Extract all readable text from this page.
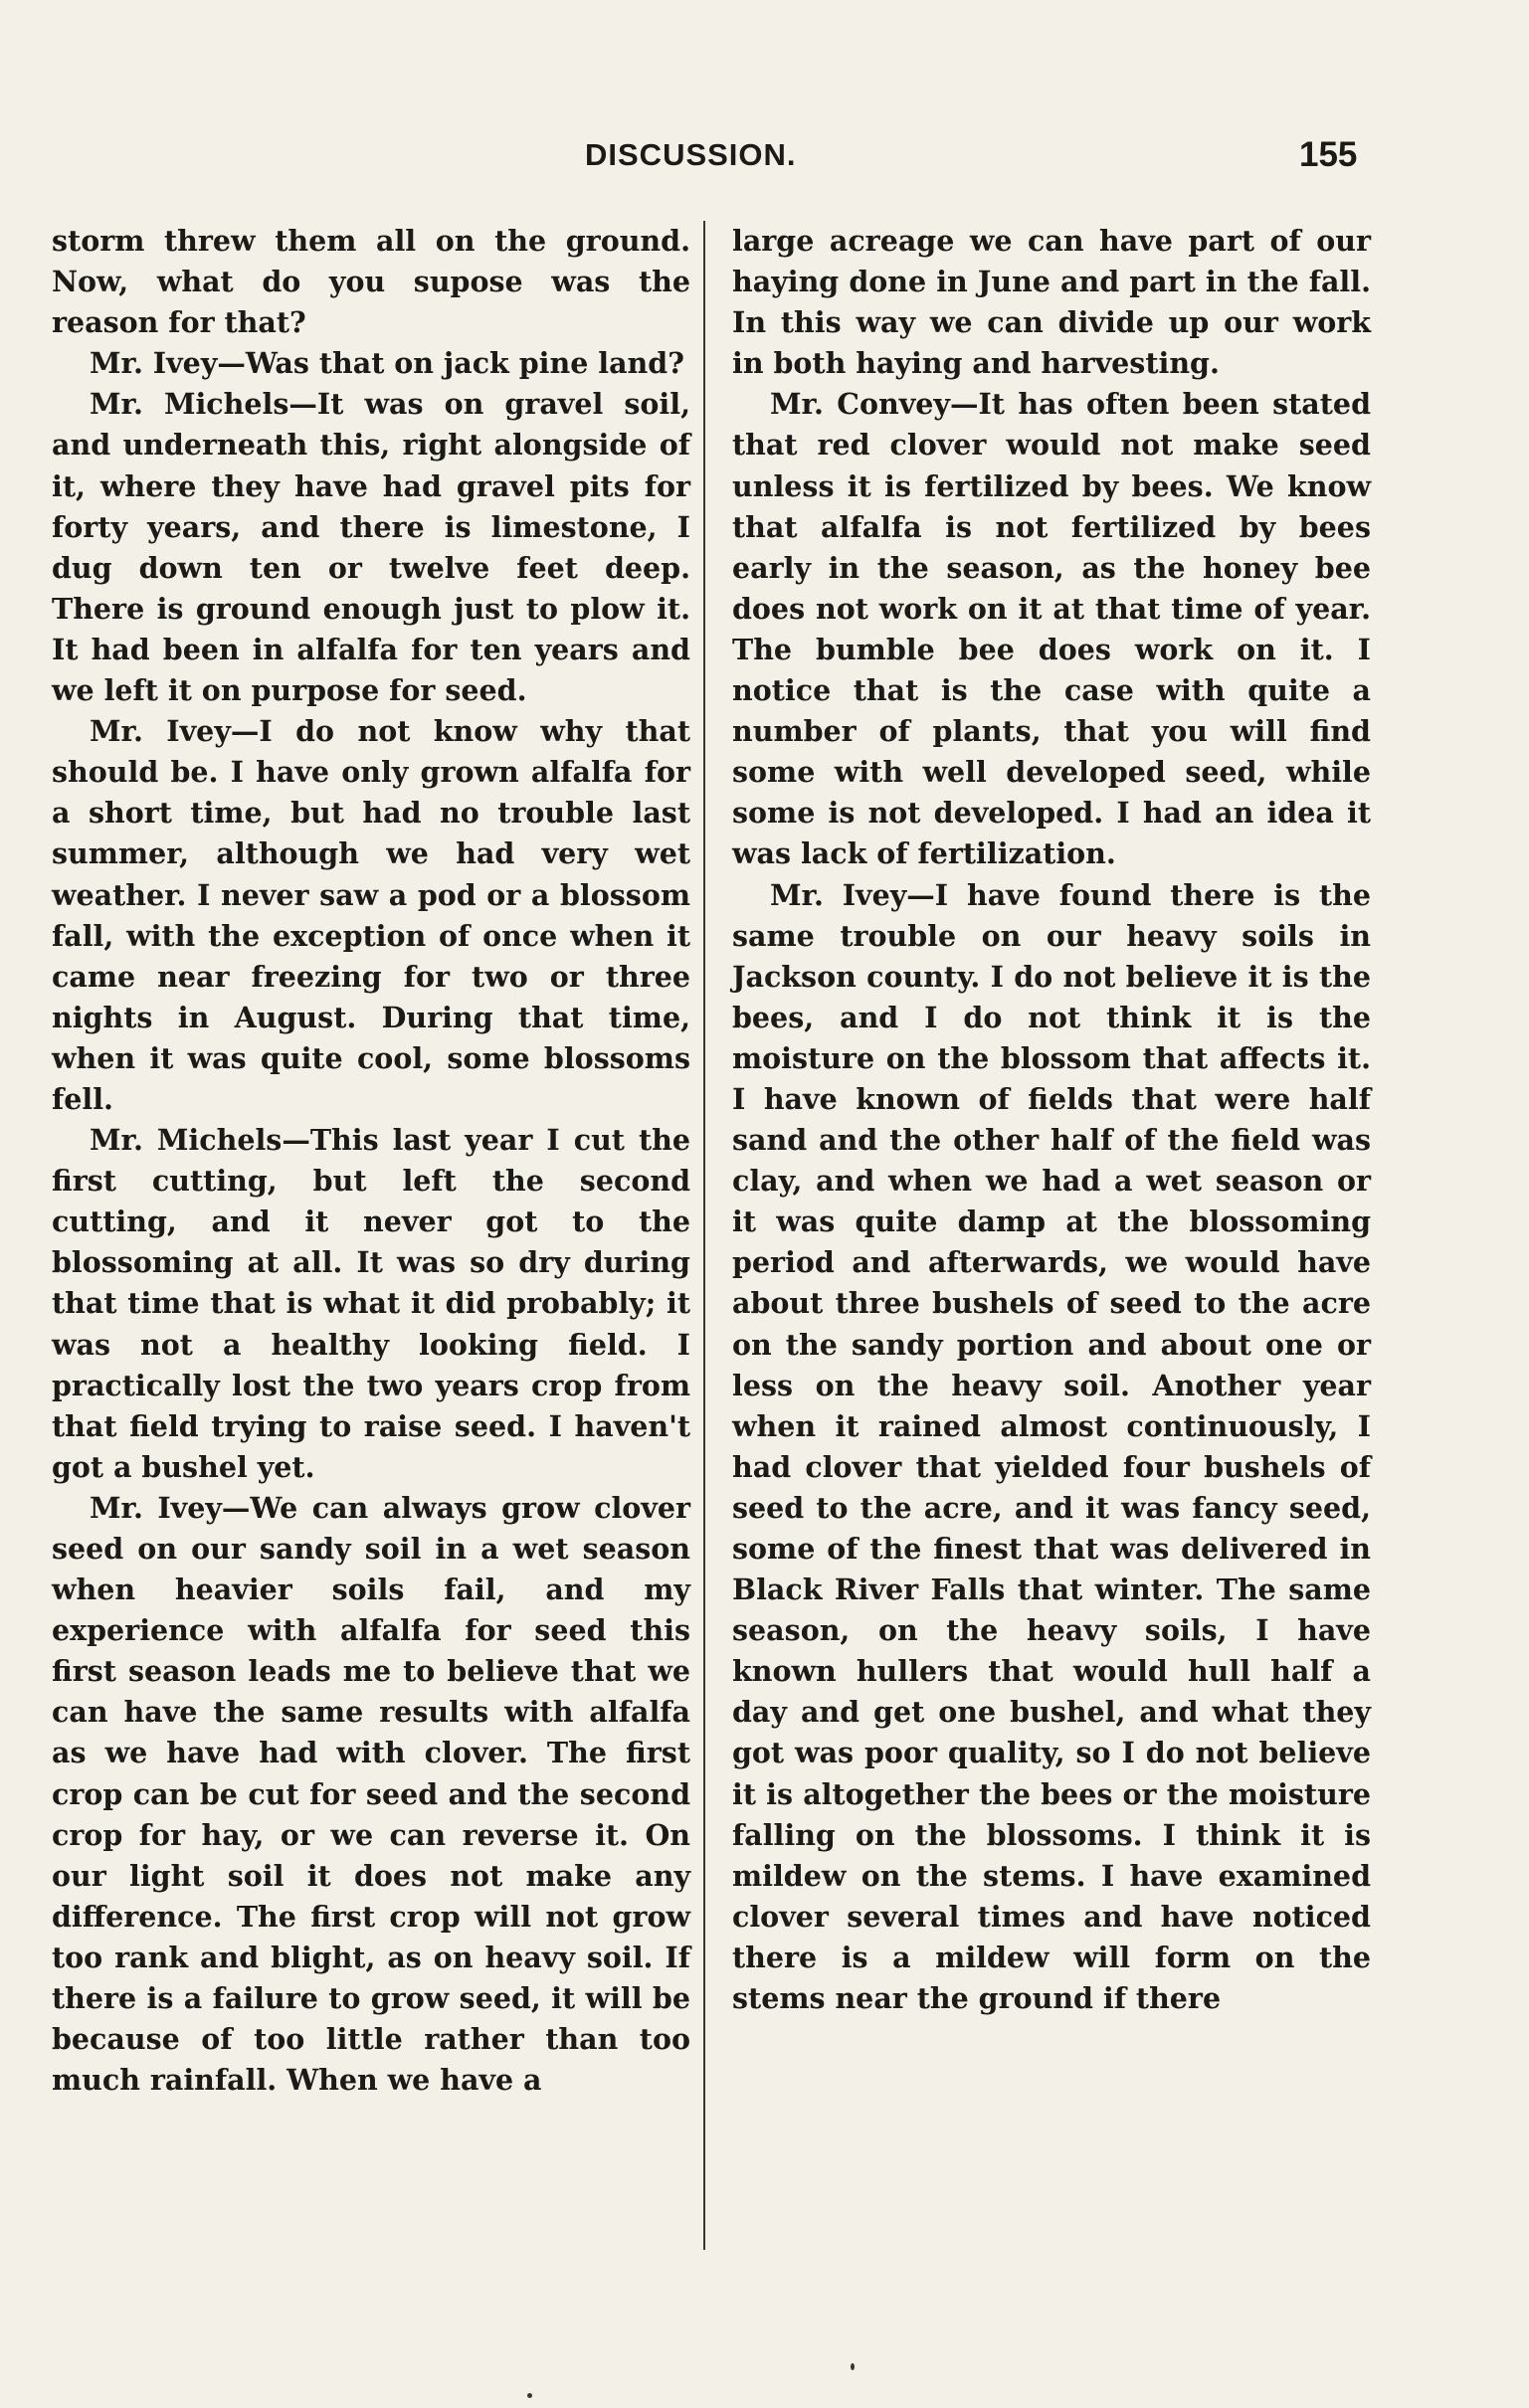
DISCUSSION.	155

storm threw them all on the ground. Now, what do you supose was the reason for that?

Mr. Ivey—Was that on jack pine land?

Mr. Michels—It was on gravel soil, and underneath this, right alongside of it, where they have had gravel pits for forty years, and there is limestone, I dug down ten or twelve feet deep. There is ground enough just to plow it. It had been in alfalfa for ten years and we left it on purpose for seed.

Mr. Ivey—I do not know why that should be. I have only grown alfalfa for a short time, but had no trouble last summer, although we had very wet weather. I never saw a pod or a blossom fall, with the exception of once when it came near freezing for two or three nights in August. During that time, when it was quite cool, some blossoms fell.

Mr. Michels—This last year I cut the first cutting, but left the second cutting, and it never got to the blossoming at all. It was so dry during that time that is what it did probably; it was not a healthy looking field. I practically lost the two years crop from that field trying to raise seed. I haven't got a bushel yet.

Mr. Ivey—We can always grow clover seed on our sandy soil in a wet season when heavier soils fail, and my experience with alfalfa for seed this first season leads me to believe that we can have the same results with alfalfa as we have had with clover. The first crop can be cut for seed and the second crop for hay, or we can reverse it. On our light soil it does not make any difference. The first crop will not grow too rank and blight, as on heavy soil. If there is a failure to grow seed, it will be because of too little rather than too much rainfall. When we have a

large acreage we can have part of our haying done in June and part in the fall. In this way we can divide up our work in both haying and harvesting.

Mr. Convey—It has often been stated that red clover would not make seed unless it is fertilized by bees. We know that alfalfa is not fertilized by bees early in the season, as the honey bee does not work on it at that time of year. The bumble bee does work on it. I notice that is the case with quite a number of plants, that you will find some with well developed seed, while some is not developed. I had an idea it was lack of fertilization.

Mr. Ivey—I have found there is the same trouble on our heavy soils in Jackson county. I do not believe it is the bees, and I do not think it is the moisture on the blossom that affects it. I have known of fields that were half sand and the other half of the field was clay, and when we had a wet season or it was quite damp at the blossoming period and afterwards, we would have about three bushels of seed to the acre on the sandy portion and about one or less on the heavy soil. Another year when it rained almost continuously, I had clover that yielded four bushels of seed to the acre, and it was fancy seed, some of the finest that was delivered in Black River Falls that winter. The same season, on the heavy soils, I have known hullers that would hull half a day and get one bushel, and what they got was poor quality, so I do not believe it is altogether the bees or the moisture falling on the blossoms. I think it is mildew on the stems. I have examined clover several times and have noticed there is a mildew will form on the stems near the ground if there
